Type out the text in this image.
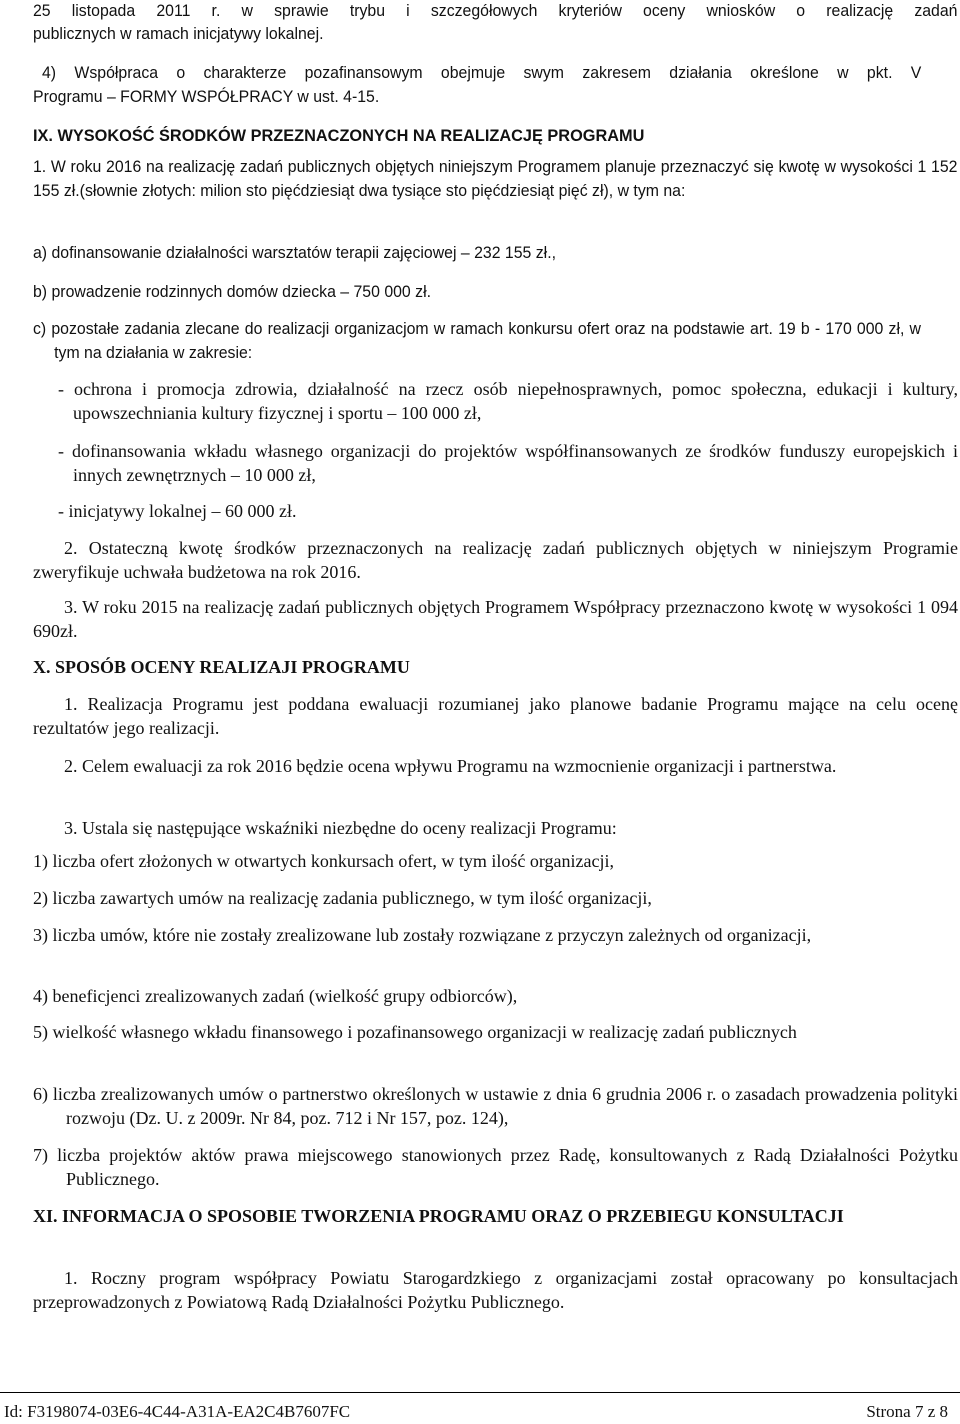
25 listopada 2011 r. w sprawie trybu i szczegółowych kryteriów oceny wniosków o realizację zadań
publicznych w ramach inicjatywy lokalnej.
4) Współpraca o charakterze pozafinansowym obejmuje swym zakresem działania określone w pkt. V
Programu – FORMY WSPÓŁPRACY w ust. 4-15.
IX. WYSOKOŚĆ ŚRODKÓW PRZEZNACZONYCH NA REALIZACJĘ PROGRAMU
1. W roku 2016 na realizację zadań publicznych objętych niniejszym Programem planuje przeznaczyć się kwotę w wysokości 1 152 155 zł.(słownie złotych: milion sto pięćdziesiąt dwa tysiące sto pięćdziesiąt pięć zł), w tym na:
a) dofinansowanie działalności warsztatów terapii zajęciowej – 232 155 zł.,
b) prowadzenie rodzinnych domów dziecka – 750 000 zł.
c) pozostałe zadania zlecane do realizacji organizacjom w ramach konkursu ofert oraz na podstawie art. 19 b - 170 000 zł, w tym na działania w zakresie:
- ochrona i promocja zdrowia, działalność na rzecz osób niepełnosprawnych, pomoc społeczna, edukacji i kultury, upowszechniania kultury fizycznej i sportu – 100 000 zł,
- dofinansowania wkładu własnego organizacji do projektów współfinansowanych ze środków funduszy europejskich i innych zewnętrznych – 10 000 zł,
- inicjatywy lokalnej – 60 000 zł.
2. Ostateczną kwotę środków przeznaczonych na realizację zadań publicznych objętych w niniejszym Programie zweryfikuje uchwała budżetowa na rok 2016.
3. W roku 2015 na realizację zadań publicznych objętych Programem Współpracy przeznaczono kwotę w wysokości 1 094 690zł.
X. SPOSÓB OCENY REALIZAJI PROGRAMU
1. Realizacja Programu jest poddana ewaluacji rozumianej jako planowe badanie Programu mające na celu ocenę rezultatów jego realizacji.
2. Celem ewaluacji za rok 2016 będzie ocena wpływu Programu na wzmocnienie organizacji i partnerstwa.
3. Ustala się następujące wskaźniki niezbędne do oceny realizacji Programu:
1) liczba ofert złożonych w otwartych konkursach ofert, w tym ilość organizacji,
2) liczba zawartych umów na realizację zadania publicznego, w tym ilość organizacji,
3) liczba umów, które nie zostały zrealizowane lub zostały rozwiązane z przyczyn zależnych od organizacji,
4) beneficjenci zrealizowanych zadań (wielkość grupy odbiorców),
5) wielkość własnego wkładu finansowego i pozafinansowego organizacji w realizację zadań publicznych
6) liczba zrealizowanych umów o partnerstwo określonych w ustawie z dnia 6 grudnia 2006 r. o zasadach prowadzenia polityki rozwoju (Dz. U. z 2009r. Nr 84, poz. 712 i Nr 157, poz. 124),
7) liczba projektów aktów prawa miejscowego stanowionych przez Radę, konsultowanych z Radą Działalności Pożytku Publicznego.
XI. INFORMACJA O SPOSOBIE TWORZENIA PROGRAMU ORAZ O PRZEBIEGU KONSULTACJI
1. Roczny program współpracy Powiatu Starogardzkiego z organizacjami został opracowany po konsultacjach przeprowadzonych z Powiatową Radą Działalności Pożytku Publicznego.
Id: F3198074-03E6-4C44-A31A-EA2C4B7607FC	Strona 7 z 8
